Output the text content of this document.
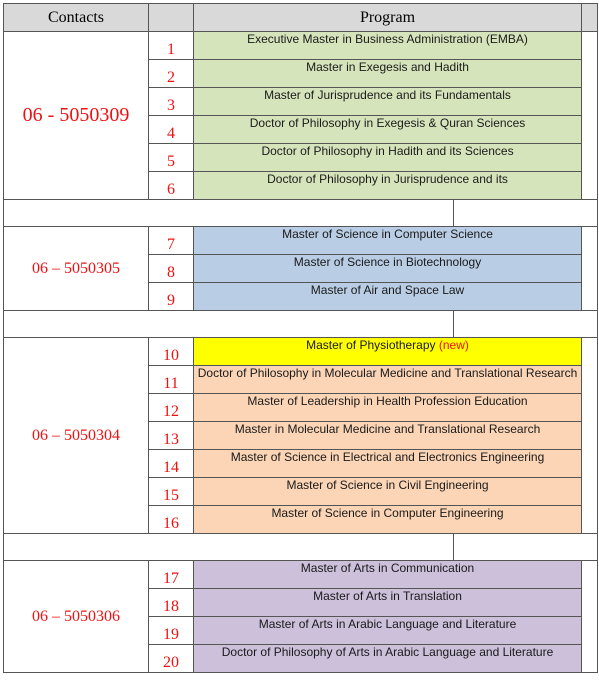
Contacts		Program		
06 - 5050309	1	Executive Master in Business Administration (EMBA)		
	2	Master in Exegesis and Hadith		
	3	Master of Jurisprudence and its Fundamentals		
	4	Doctor of Philosophy in Exegesis & Quran Sciences		
	5	Doctor of Philosophy in Hadith and its Sciences		
	6	Doctor of Philosophy in Jurisprudence and its		

06 – 5050305	7	Master of Science in Computer Science		
	8	Master of Science in Biotechnology		
	9	Master of Air and Space Law		

06 – 5050304	10	Master of Physiotherapy (new)		
	11	Doctor of Philosophy in Molecular Medicine and Translational Research		
	12	Master of Leadership in Health Profession Education		
	13	Master in Molecular Medicine and Translational Research		
	14	Master of Science in Electrical and Electronics Engineering		
	15	Master of Science in Civil Engineering		
	16	Master of Science in Computer Engineering		

06 – 5050306	17	Master of Arts in Communication		
	18	Master of Arts in Translation		
	19	Master of Arts in Arabic Language and Literature		
	20	Doctor of Philosophy of Arts in Arabic Language and Literature		
